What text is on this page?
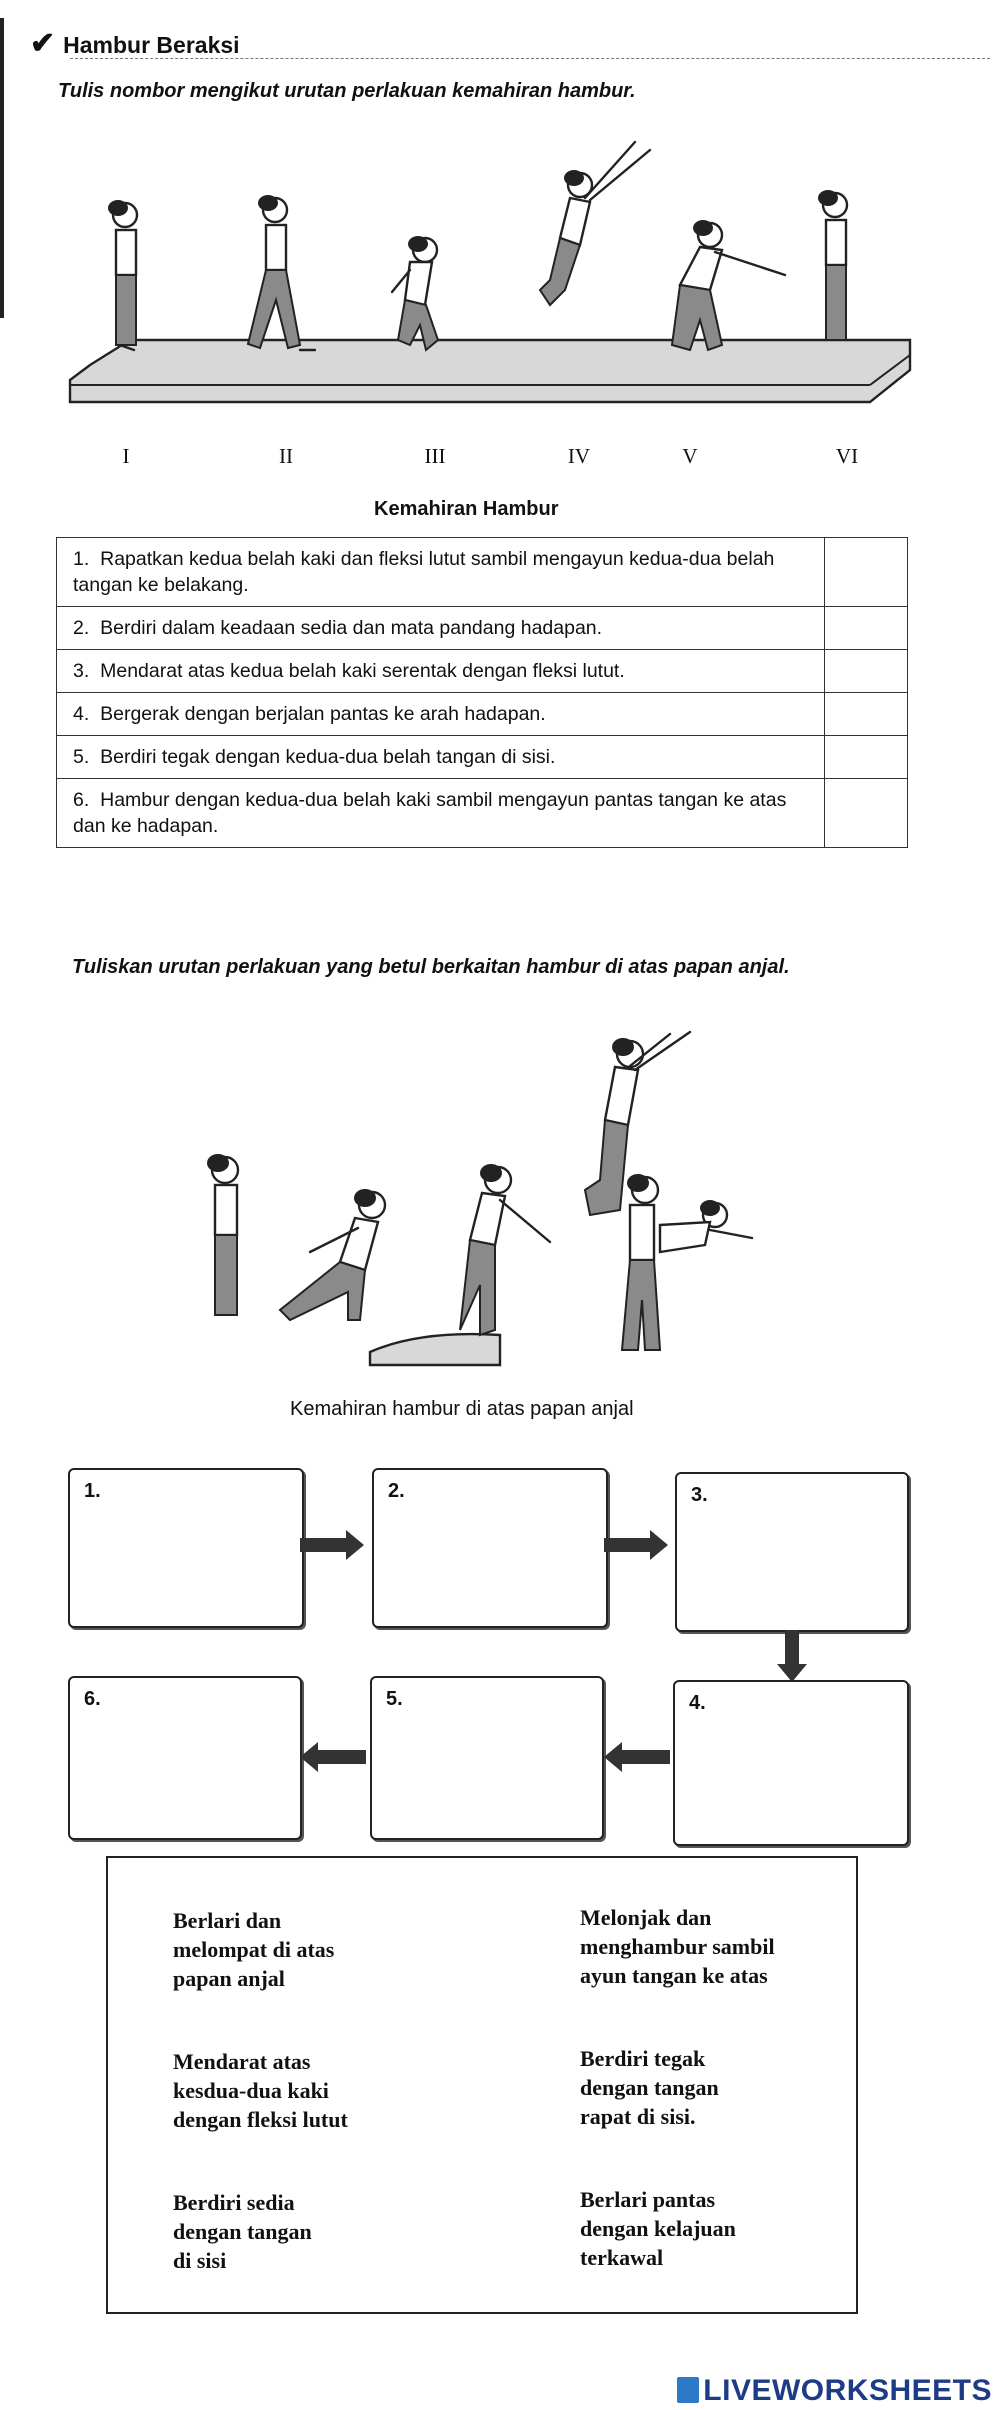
✔ Hambur Beraksi
Tulis nombor mengikut urutan perlakuan kemahiran hambur.
I	II	III	IV	V	VI
Kemahiran Hambur
1. Rapatkan kedua belah kaki dan fleksi lutut sambil mengayun kedua-dua belah tangan ke belakang.	
2. Berdiri dalam keadaan sedia dan mata pandang hadapan.	
3. Mendarat atas kedua belah kaki serentak dengan fleksi lutut.	
4. Bergerak dengan berjalan pantas ke arah hadapan.	
5. Berdiri tegak dengan kedua-dua belah tangan di sisi.	
6. Hambur dengan kedua-dua belah kaki sambil mengayun pantas tangan ke atas dan ke hadapan.	
Tuliskan urutan perlakuan yang betul berkaitan hambur di atas papan anjal.
Kemahiran hambur di atas papan anjal
1.	2.	3.
6.	5.	4.
Berlari dan
melompat di atas
papan anjal
Melonjak dan
menghambur sambil
ayun tangan ke atas
Mendarat atas
kesdua-dua kaki
dengan fleksi lutut
Berdiri tegak
dengan tangan
rapat di sisi.
Berdiri sedia
dengan tangan
di sisi
Berlari pantas
dengan kelajuan
terkawal
LIVEWORKSHEETS
